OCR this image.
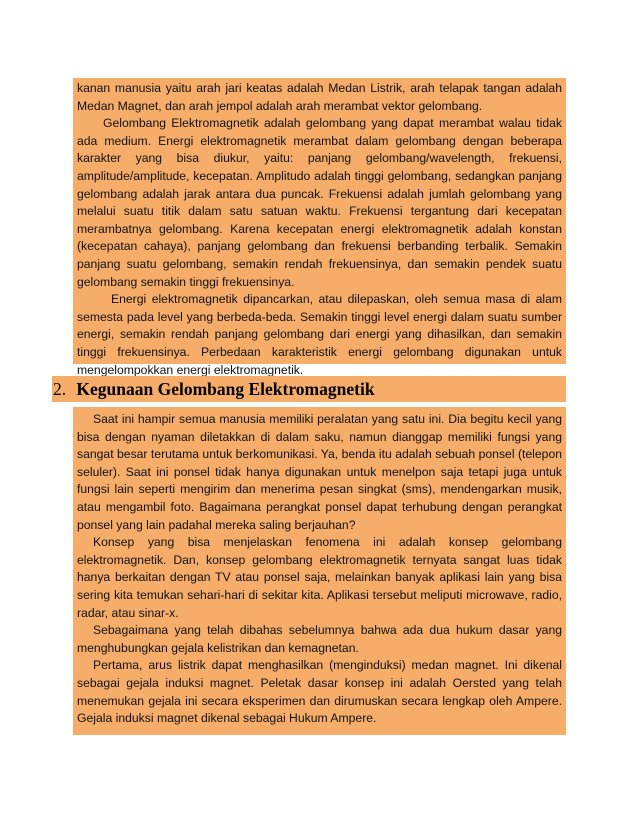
kanan manusia yaitu arah jari keatas adalah Medan Listrik, arah telapak tangan adalah Medan Magnet, dan arah jempol adalah arah merambat vektor gelombang.

Gelombang Elektromagnetik adalah gelombang yang dapat merambat walau tidak ada medium. Energi elektromagnetik merambat dalam gelombang dengan beberapa karakter yang bisa diukur, yaitu: panjang gelombang/wavelength, frekuensi, amplitude/amplitude, kecepatan. Amplitudo adalah tinggi gelombang, sedangkan panjang gelombang adalah jarak antara dua puncak. Frekuensi adalah jumlah gelombang yang melalui suatu titik dalam satu satuan waktu. Frekuensi tergantung dari kecepatan merambatnya gelombang. Karena kecepatan energi elektromagnetik adalah konstan (kecepatan cahaya), panjang gelombang dan frekuensi berbanding terbalik. Semakin panjang suatu gelombang, semakin rendah frekuensinya, dan semakin pendek suatu gelombang semakin tinggi frekuensinya.

Energi elektromagnetik dipancarkan, atau dilepaskan, oleh semua masa di alam semesta pada level yang berbeda-beda. Semakin tinggi level energi dalam suatu sumber energi, semakin rendah panjang gelombang dari energi yang dihasilkan, dan semakin tinggi frekuensinya. Perbedaan karakteristik energi gelombang digunakan untuk mengelompokkan energi elektromagnetik.

2. Kegunaan Gelombang Elektromagnetik

Saat ini hampir semua manusia memiliki peralatan yang satu ini. Dia begitu kecil yang bisa dengan nyaman diletakkan di dalam saku, namun dianggap memiliki fungsi yang sangat besar terutama untuk berkomunikasi. Ya, benda itu adalah sebuah ponsel (telepon seluler). Saat ini ponsel tidak hanya digunakan untuk menelpon saja tetapi juga untuk fungsi lain seperti mengirim dan menerima pesan singkat (sms), mendengarkan musik, atau mengambil foto. Bagaimana perangkat ponsel dapat terhubung dengan perangkat ponsel yang lain padahal mereka saling berjauhan?

Konsep yang bisa menjelaskan fenomena ini adalah konsep gelombang elektromagnetik. Dan, konsep gelombang elektromagnetik ternyata sangat luas tidak hanya berkaitan dengan TV atau ponsel saja, melainkan banyak aplikasi lain yang bisa sering kita temukan sehari-hari di sekitar kita. Aplikasi tersebut meliputi microwave, radio, radar, atau sinar-x.

Sebagaimana yang telah dibahas sebelumnya bahwa ada dua hukum dasar yang menghubungkan gejala kelistrikan dan kemagnetan.

Pertama, arus listrik dapat menghasilkan (menginduksi) medan magnet. Ini dikenal sebagai gejala induksi magnet. Peletak dasar konsep ini adalah Oersted yang telah menemukan gejala ini secara eksperimen dan dirumuskan secara lengkap oleh Ampere. Gejala induksi magnet dikenal sebagai Hukum Ampere.
